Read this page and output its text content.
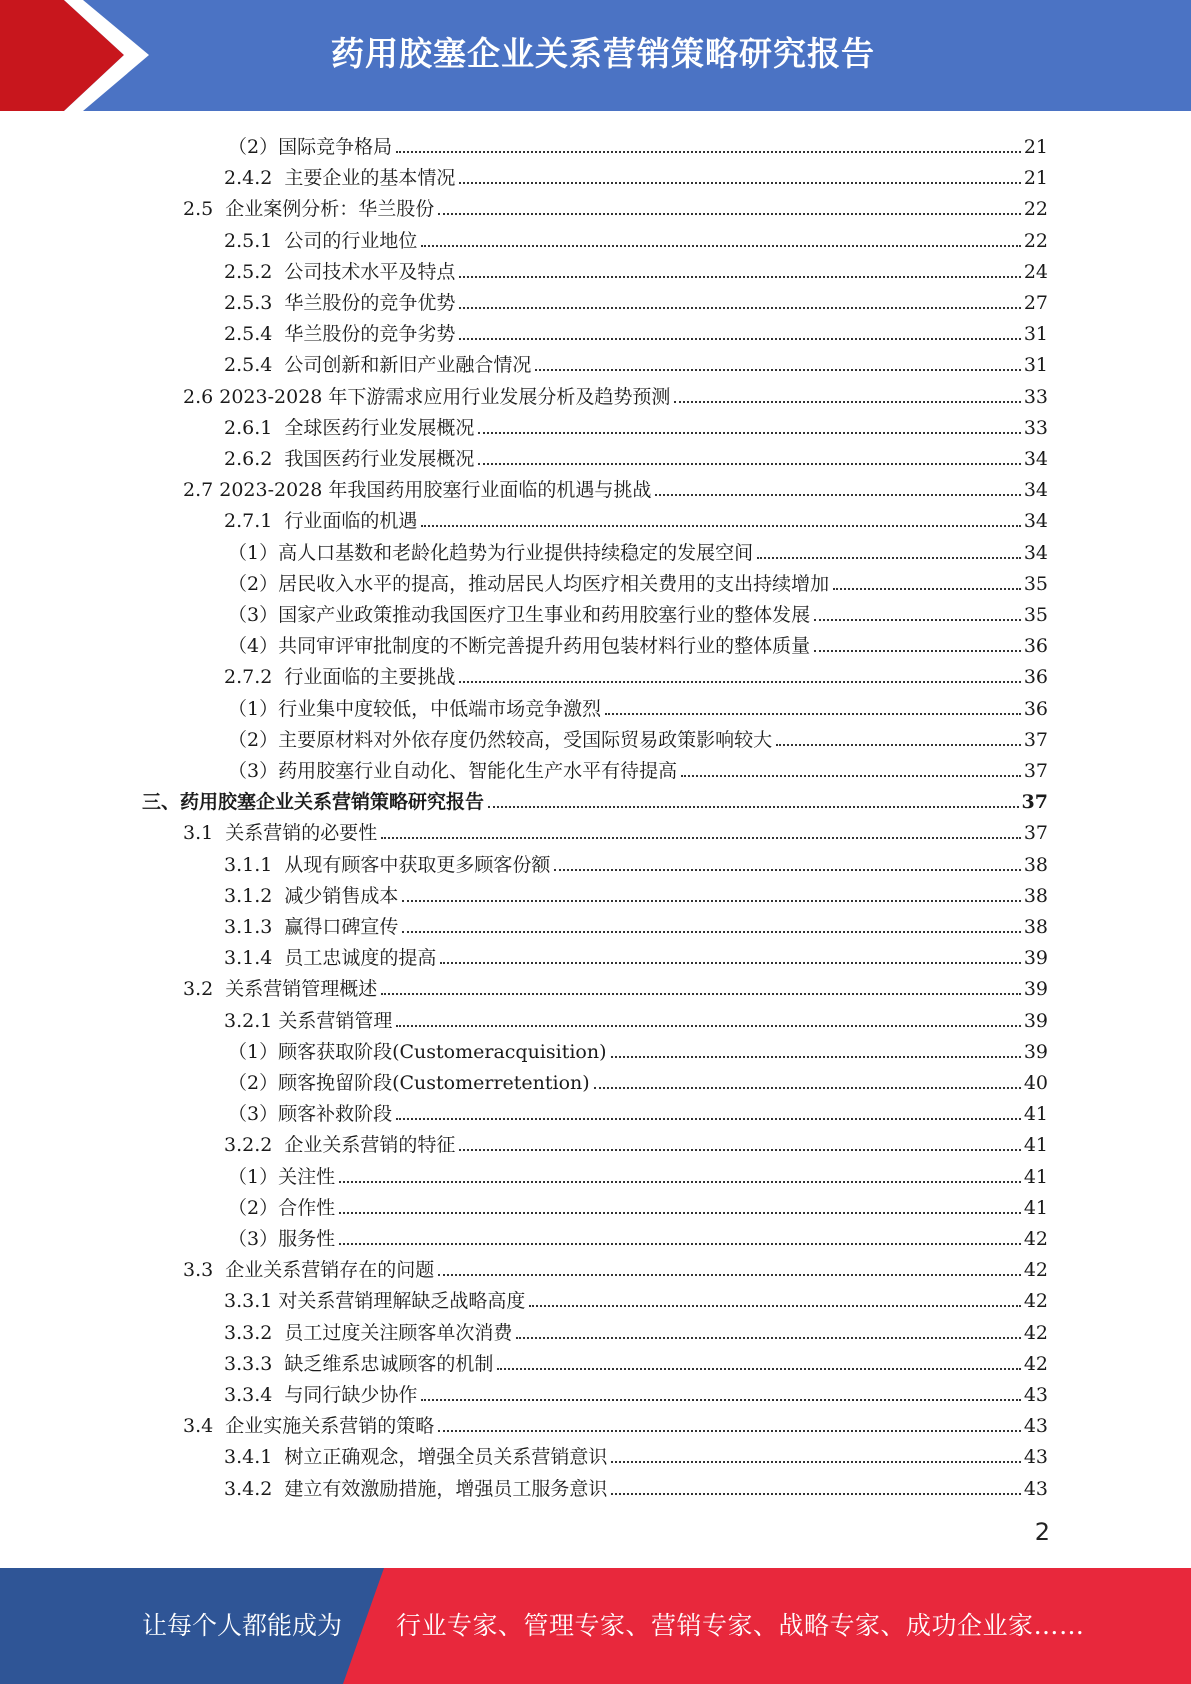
药用胶塞企业关系营销策略研究报告
（2）国际竞争格局	21
2.4.2  主要企业的基本情况	21
2.5  企业案例分析：华兰股份	22
2.5.1  公司的行业地位	22
2.5.2  公司技术水平及特点	24
2.5.3  华兰股份的竞争优势	27
2.5.4  华兰股份的竞争劣势	31
2.5.4  公司创新和新旧产业融合情况	31
2.6 2023-2028 年下游需求应用行业发展分析及趋势预测	33
2.6.1  全球医药行业发展概况	33
2.6.2  我国医药行业发展概况	34
2.7 2023-2028 年我国药用胶塞行业面临的机遇与挑战	34
2.7.1  行业面临的机遇	34
（1）高人口基数和老龄化趋势为行业提供持续稳定的发展空间	34
（2）居民收入水平的提高，推动居民人均医疗相关费用的支出持续增加	35
（3）国家产业政策推动我国医疗卫生事业和药用胶塞行业的整体发展	35
（4）共同审评审批制度的不断完善提升药用包装材料行业的整体质量	36
2.7.2  行业面临的主要挑战	36
（1）行业集中度较低，中低端市场竞争激烈	36
（2）主要原材料对外依存度仍然较高，受国际贸易政策影响较大	37
（3）药用胶塞行业自动化、智能化生产水平有待提高	37
三、药用胶塞企业关系营销策略研究报告	37
3.1  关系营销的必要性	37
3.1.1  从现有顾客中获取更多顾客份额	38
3.1.2  减少销售成本	38
3.1.3  赢得口碑宣传	38
3.1.4  员工忠诚度的提高	39
3.2  关系营销管理概述	39
3.2.1 关系营销管理	39
（1）顾客获取阶段(Customeracquisition)	39
（2）顾客挽留阶段(Customerretention)	40
（3）顾客补救阶段	41
3.2.2  企业关系营销的特征	41
（1）关注性	41
（2）合作性	41
（3）服务性	42
3.3  企业关系营销存在的问题	42
3.3.1 对关系营销理解缺乏战略高度	42
3.3.2  员工过度关注顾客单次消费	42
3.3.3  缺乏维系忠诚顾客的机制	42
3.3.4  与同行缺少协作	43
3.4  企业实施关系营销的策略	43
3.4.1  树立正确观念，增强全员关系营销意识	43
3.4.2  建立有效激励措施，增强员工服务意识	43
2
让每个人都能成为 行业专家、管理专家、营销专家、战略专家、成功企业家……
